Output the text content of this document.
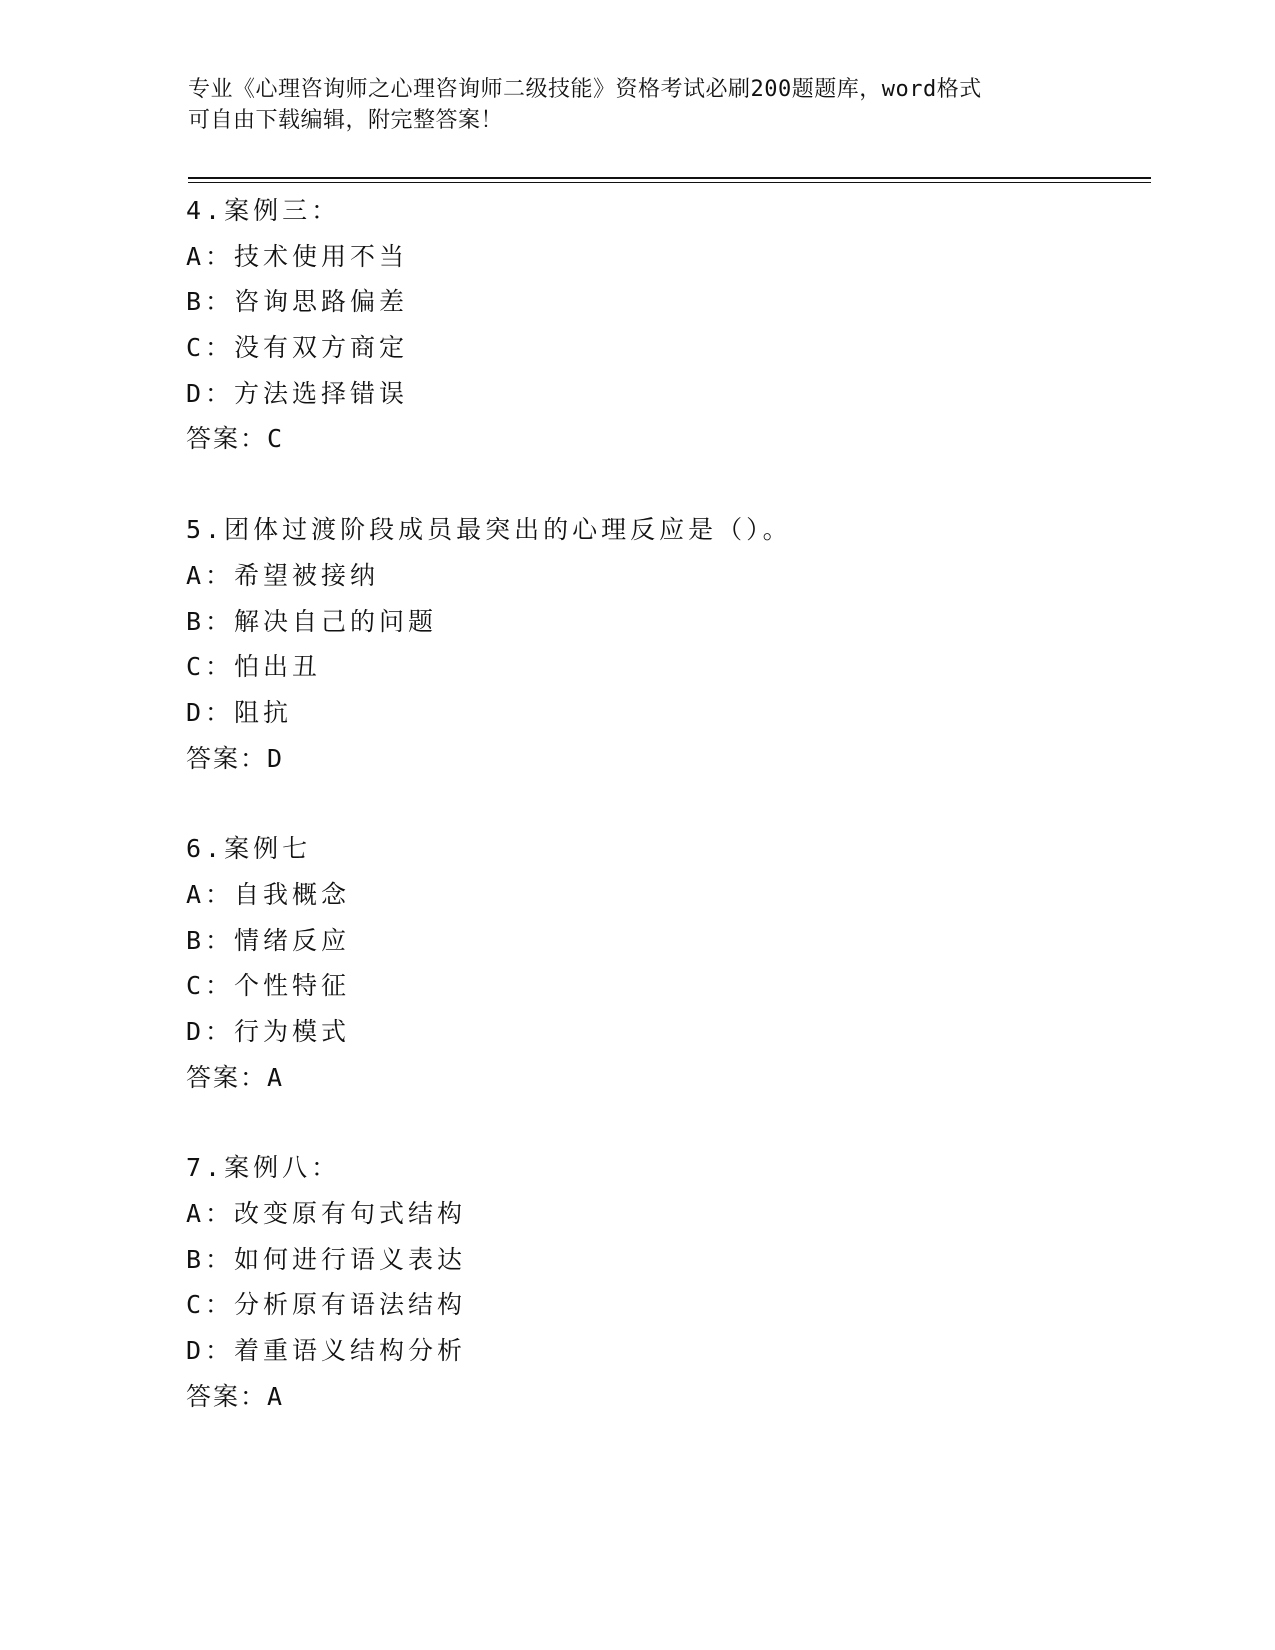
专业《心理咨询师之心理咨询师二级技能》资格考试必刷200题题库，word格式
可自由下载编辑，附完整答案！
4.案例三：
A：技术使用不当
B：咨询思路偏差
C：没有双方商定
D：方法选择错误
答案：C
5.团体过渡阶段成员最突出的心理反应是（）。
A：希望被接纳
B：解决自己的问题
C：怕出丑
D：阻抗
答案：D
6.案例七
A：自我概念
B：情绪反应
C：个性特征
D：行为模式
答案：A
7.案例八：
A：改变原有句式结构
B：如何进行语义表达
C：分析原有语法结构
D：着重语义结构分析
答案：A
